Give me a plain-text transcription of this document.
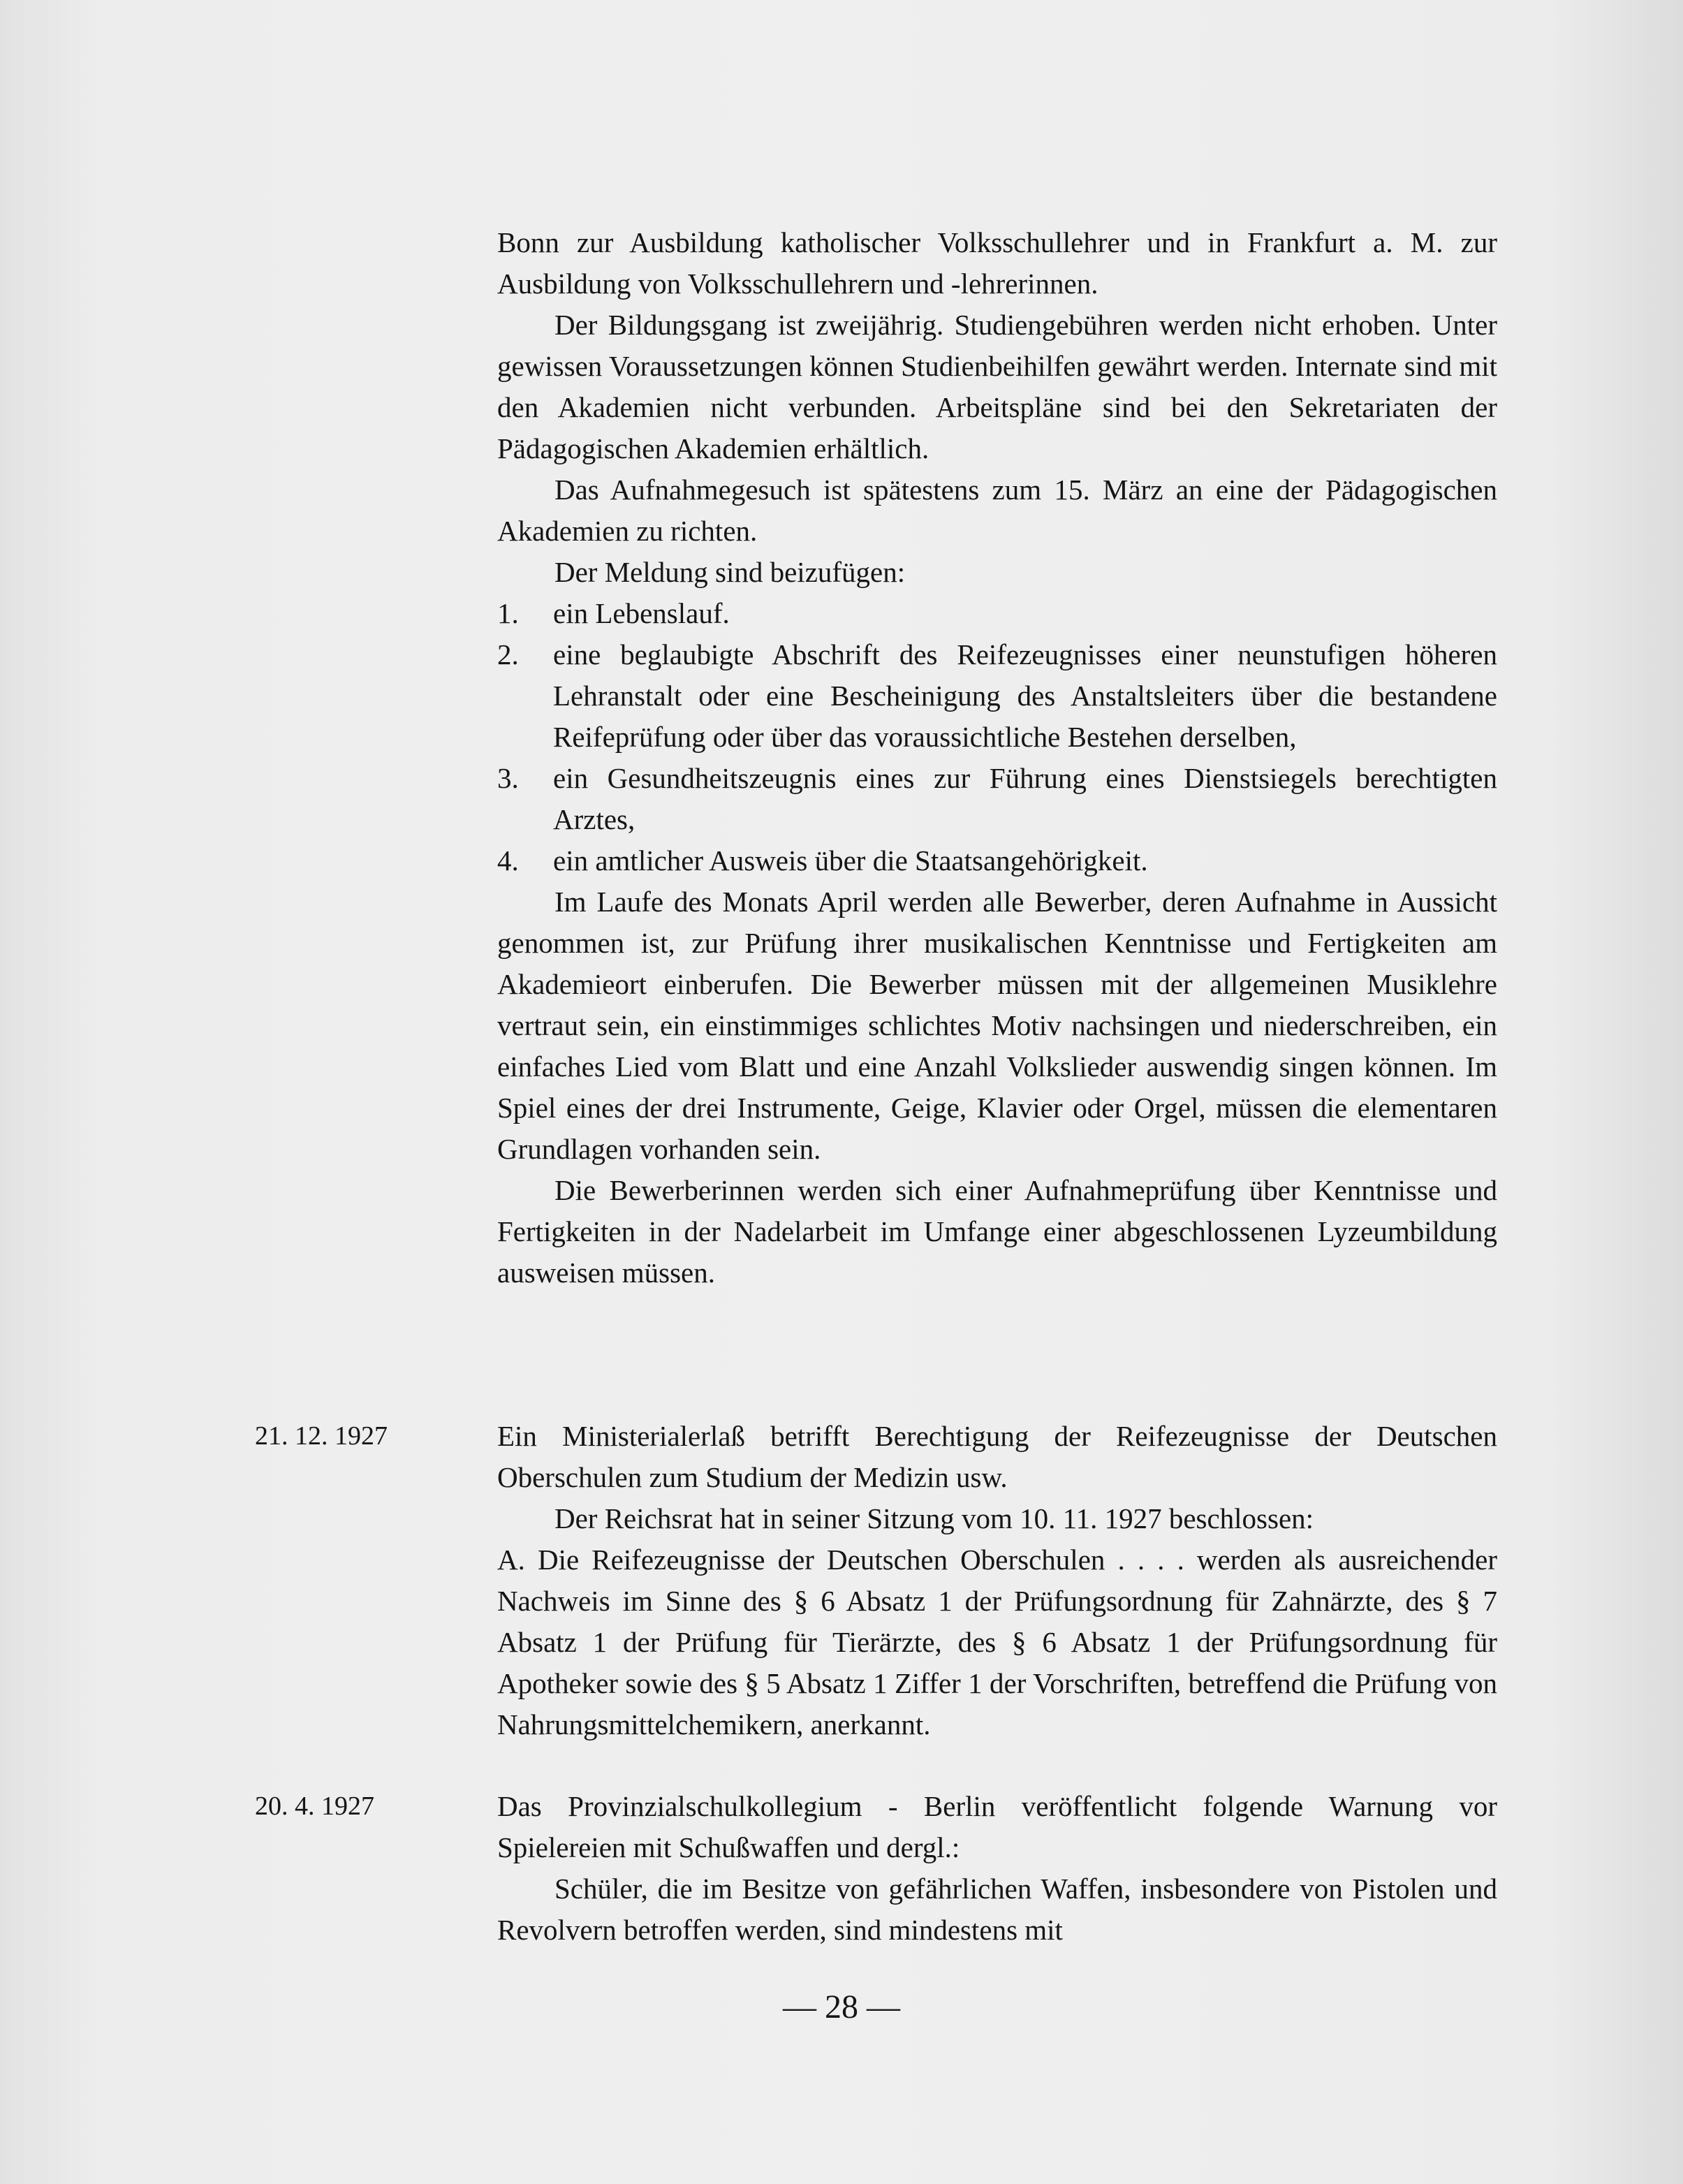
Bonn zur Ausbildung katholischer Volksschullehrer und in Frankfurt a. M. zur Ausbildung von Volksschullehrern und -lehrerinnen.

Der Bildungsgang ist zweijährig. Studiengebühren werden nicht erhoben. Unter gewissen Voraussetzungen können Studienbeihilfen gewährt werden. Internate sind mit den Akademien nicht verbunden. Arbeitspläne sind bei den Sekretariaten der Pädagogischen Akademien erhältlich.

Das Aufnahmegesuch ist spätestens zum 15. März an eine der Pädagogischen Akademien zu richten.

Der Meldung sind beizufügen:

1. ein Lebenslauf.
2. eine beglaubigte Abschrift des Reifezeugnisses einer neunstufigen höheren Lehranstalt oder eine Bescheinigung des Anstaltsleiters über die bestandene Reifeprüfung oder über das voraussichtliche Bestehen derselben,
3. ein Gesundheitszeugnis eines zur Führung eines Dienstsiegels berechtigten Arztes,
4. ein amtlicher Ausweis über die Staatsangehörigkeit.

Im Laufe des Monats April werden alle Bewerber, deren Aufnahme in Aussicht genommen ist, zur Prüfung ihrer musikalischen Kenntnisse und Fertigkeiten am Akademieort einberufen. Die Bewerber müssen mit der allgemeinen Musiklehre vertraut sein, ein einstimmiges schlichtes Motiv nachsingen und niederschreiben, ein einfaches Lied vom Blatt und eine Anzahl Volkslieder auswendig singen können. Im Spiel eines der drei Instrumente, Geige, Klavier oder Orgel, müssen die elementaren Grundlagen vorhanden sein.

Die Bewerberinnen werden sich einer Aufnahmeprüfung über Kenntnisse und Fertigkeiten in der Nadelarbeit im Umfange einer abgeschlossenen Lyzeumbildung ausweisen müssen.

21. 12. 1927	Ein Ministerialerlaß betrifft Berechtigung der Reifezeugnisse der Deutschen Oberschulen zum Studium der Medizin usw.

Der Reichsrat hat in seiner Sitzung vom 10. 11. 1927 beschlossen:

A. Die Reifezeugnisse der Deutschen Oberschulen . . . . werden als ausreichender Nachweis im Sinne des § 6 Absatz 1 der Prüfungsordnung für Zahnärzte, des § 7 Absatz 1 der Prüfung für Tierärzte, des § 6 Absatz 1 der Prüfungsordnung für Apotheker sowie des § 5 Absatz 1 Ziffer 1 der Vorschriften, betreffend die Prüfung von Nahrungsmittelchemikern, anerkannt.

20. 4. 1927	Das Provinzialschulkollegium - Berlin veröffentlicht folgende Warnung vor Spielereien mit Schußwaffen und dergl.:

Schüler, die im Besitze von gefährlichen Waffen, insbesondere von Pistolen und Revolvern betroffen werden, sind mindestens mit

— 28 —
